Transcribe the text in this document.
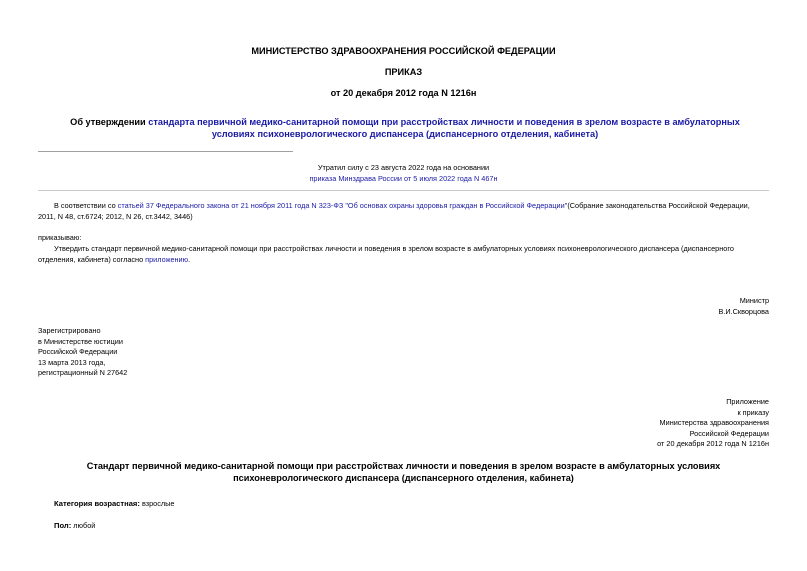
МИНИСТЕРСТВО ЗДРАВООХРАНЕНИЯ РОССИЙСКОЙ ФЕДЕРАЦИИ
ПРИКАЗ
от 20 декабря 2012 года N 1216н
Об утверждении стандарта первичной медико-санитарной помощи при расстройствах личности и поведения в зрелом возрасте в амбулаторных условиях психоневрологического диспансера (диспансерного отделения, кабинета)
Утратил силу с 23 августа 2022 года на основании
приказа Минздрава России от 5 июля 2022 года N 467н
В соответствии со статьей 37 Федерального закона от 21 ноября 2011 года N 323-ФЗ "Об основах охраны здоровья граждан в Российской Федерации"(Собрание законодательства Российской Федерации, 2011, N 48, ст.6724; 2012, N 26, ст.3442, 3446)
приказываю:
Утвердить стандарт первичной медико-санитарной помощи при расстройствах личности и поведения в зрелом возрасте в амбулаторных условиях психоневрологического диспансера (диспансерного отделения, кабинета) согласно приложению.
Министр
В.И.Скворцова
Зарегистрировано
в Министерстве юстиции
Российской Федерации
13 марта 2013 года,
регистрационный N 27642
Приложение
к приказу
Министерства здравоохранения
Российской Федерации
от 20 декабря 2012 года N 1216н
Стандарт первичной медико-санитарной помощи при расстройствах личности и поведения в зрелом возрасте в амбулаторных условиях психоневрологического диспансера (диспансерного отделения, кабинета)
Категория возрастная: взрослые
Пол: любой
